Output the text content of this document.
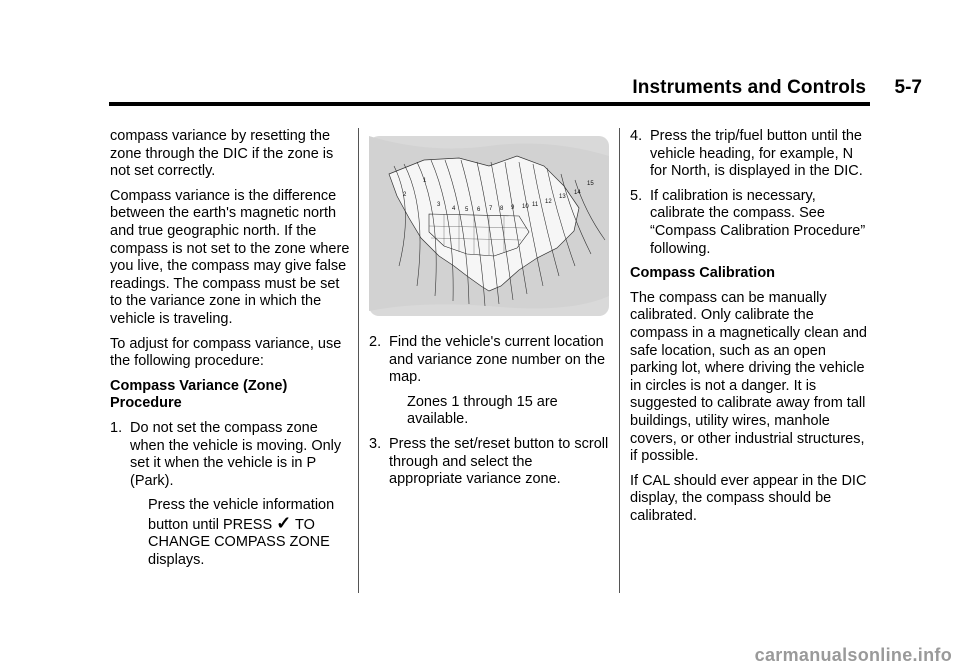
Instruments and Controls 5-7

compass variance by resetting the zone through the DIC if the zone is not set correctly.

Compass variance is the difference between the earth's magnetic north and true geographic north. If the compass is not set to the zone where you live, the compass may give false readings. The compass must be set to the variance zone in which the vehicle is traveling.

To adjust for compass variance, use the following procedure:

Compass Variance (Zone) Procedure

1. Do not set the compass zone when the vehicle is moving. Only set it when the vehicle is in P (Park).

Press the vehicle information button until PRESS ✓ TO CHANGE COMPASS ZONE displays.

1
2
3
4 5 6 7 8 9 10 11 12
13
14
15
2. Find the vehicle's current location and variance zone number on the map.

Zones 1 through 15 are available.

3. Press the set/reset button to scroll through and select the appropriate variance zone.
4. Press the trip/fuel button until the vehicle heading, for example, N for North, is displayed in the DIC.
5. If calibration is necessary, calibrate the compass. See “Compass Calibration Procedure” following.

Compass Calibration

The compass can be manually calibrated. Only calibrate the compass in a magnetically clean and safe location, such as an open parking lot, where driving the vehicle in circles is not a danger. It is suggested to calibrate away from tall buildings, utility wires, manhole covers, or other industrial structures, if possible.

If CAL should ever appear in the DIC display, the compass should be calibrated.

carmanualsonline.info
